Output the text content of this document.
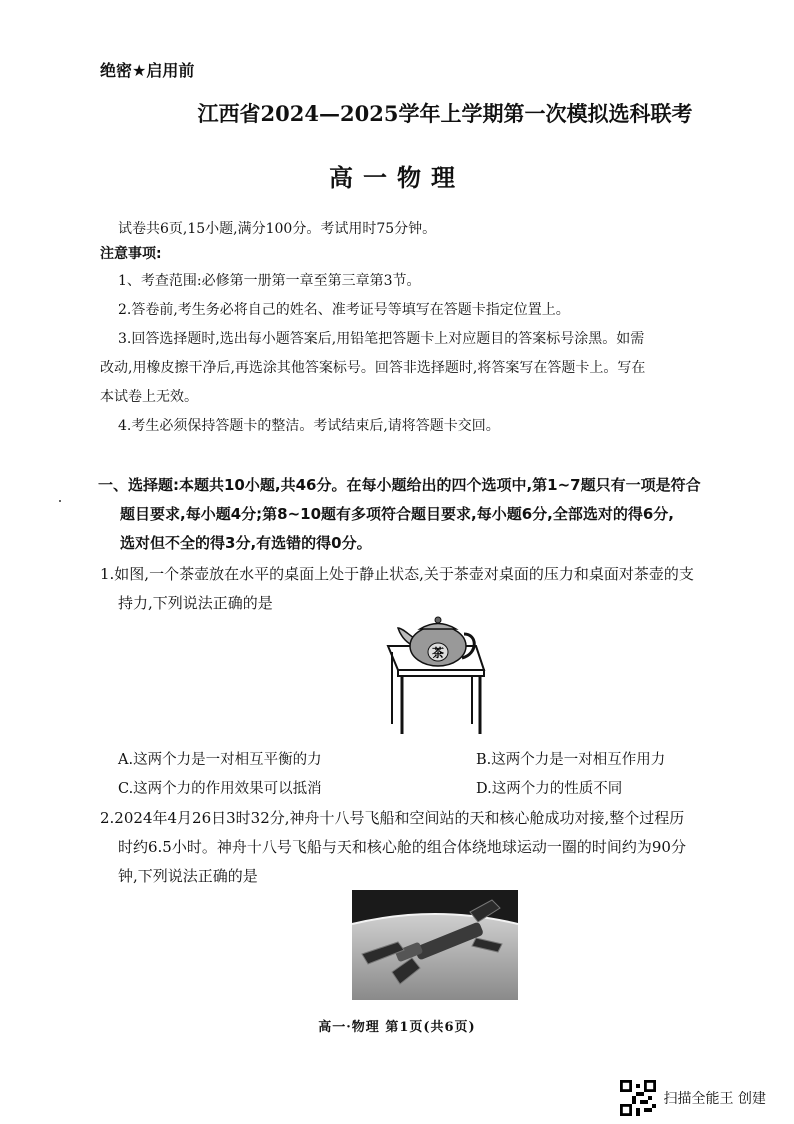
绝密★启用前
江西省2024—2025学年上学期第一次模拟选科联考
高一物理
试卷共6页,15小题,满分100分。考试用时75分钟。
注意事项:
1、考查范围:必修第一册第一章至第三章第3节。
2.答卷前,考生务必将自己的姓名、准考证号等填写在答题卡指定位置上。
3.回答选择题时,选出每小题答案后,用铅笔把答题卡上对应题目的答案标号涂黑。如需
改动,用橡皮擦干净后,再选涂其他答案标号。回答非选择题时,将答案写在答题卡上。写在
本试卷上无效。
4.考生必须保持答题卡的整洁。考试结束后,请将答题卡交回。
一、选择题:本题共10小题,共46分。在每小题给出的四个选项中,第1~7题只有一项是符合
题目要求,每小题4分;第8~10题有多项符合题目要求,每小题6分,全部选对的得6分,
选对但不全的得3分,有选错的得0分。
1.如图,一个茶壶放在水平的桌面上处于静止状态,关于茶壶对桌面的压力和桌面对茶壶的支
持力,下列说法正确的是
茶
A.这两个力是一对相互平衡的力	B.这两个力是一对相互作用力
C.这两个力的作用效果可以抵消	D.这两个力的性质不同
2.2024年4月26日3时32分,神舟十八号飞船和空间站的天和核心舱成功对接,整个过程历
时约6.5小时。神舟十八号飞船与天和核心舱的组合体绕地球运动一圈的时间约为90分
钟,下列说法正确的是
高一·物理 第1页(共6页)
扫描全能王 创建
